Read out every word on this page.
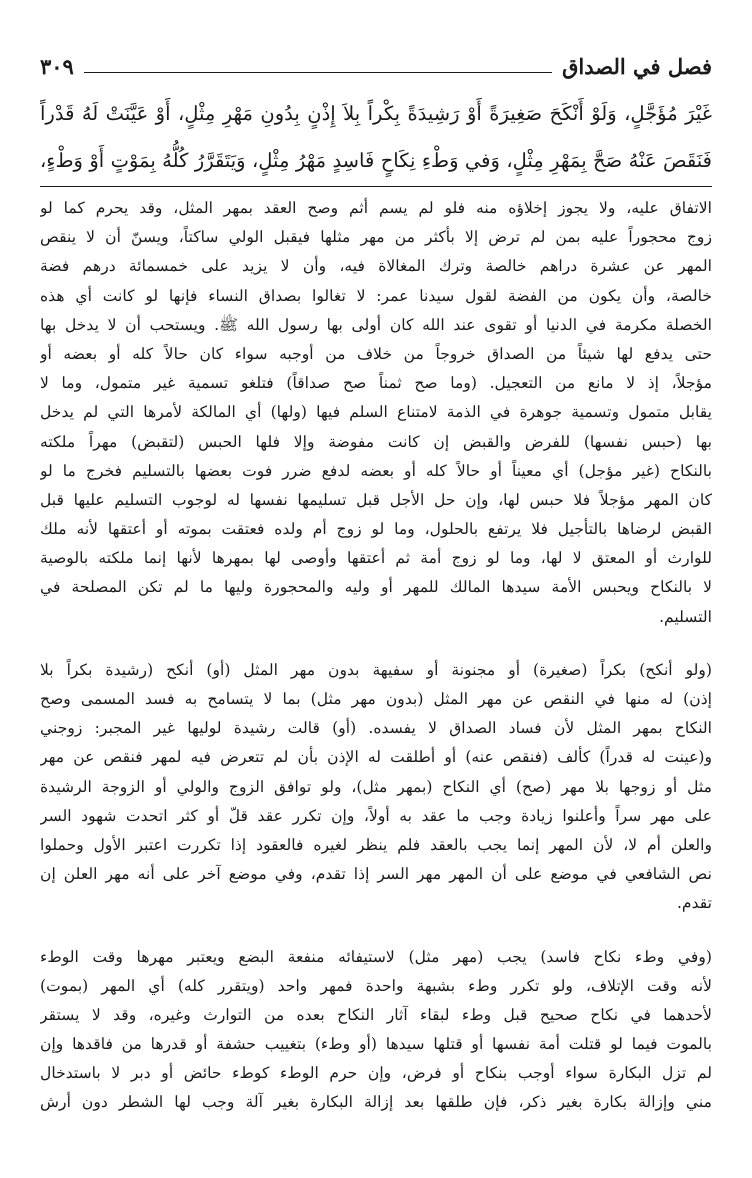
فصل في الصداق
٣٠٩
غَيْرَ مُؤَجَّلٍ، وَلَوْ أَنْكَحَ صَغِيرَةً أَوْ رَشِيدَةً بِكْراً بِلاَ إِذْنٍ بِدُونِ مَهْرِ مِثْلٍ، أَوْ عَيَّنَتْ لَهُ قَدْراً
فَنَقَصَ عَنْهُ صَحَّ بِمَهْرِ مِثْلٍ، وَفي وَطْءِ نِكَاحٍ فَاسِدٍ مَهْرُ مِثْلٍ، وَيَتَقَرَّرُ كُلُّهُ بِمَوْتٍ أَوْ وَطْءٍ،
الاتفاق عليه، ولا يجوز إخلاؤه منه فلو لم يسم أثم وصح العقد بمهر المثل، وقد يحرم كما لو
زوج محجوراً عليه بمن لم ترض إلا بأكثر من مهر مثلها فيقبل الولي ساكتاً، ويسنّ أن لا ينقص
المهر عن عشرة دراهم خالصة وترك المغالاة فيه، وأن لا يزيد على خمسمائة درهم فضة
خالصة، وأن يكون من الفضة لقول سيدنا عمر: لا تغالوا بصداق النساء فإنها لو كانت أي هذه
الخصلة مكرمة في الدنيا أو تقوى عند الله كان أولى بها رسول الله ﷺ. ويستحب أن لا يدخل بها
حتى يدفع لها شيئاً من الصداق خروجاً من خلاف من أوجبه سواء كان حالاً كله أو بعضه أو
مؤجلاً، إذ لا مانع من التعجيل. (وما صح ثمناً صح صداقاً) فتلغو تسمية غير متمول، وما لا
يقابل متمول وتسمية جوهرة في الذمة لامتناع السلم فيها (ولها) أي المالكة لأمرها التي لم يدخل
بها (حبس نفسها) للفرض والقبض إن كانت مفوضة وإلا فلها الحبس (لتقبض) مهراً ملكته
بالنكاح (غير مؤجل) أي معيناً أو حالاً كله أو بعضه لدفع ضرر فوت بعضها بالتسليم فخرج ما لو
كان المهر مؤجلاً فلا حبس لها، وإن حل الأجل قبل تسليمها نفسها له لوجوب التسليم عليها قبل
القبض لرضاها بالتأجيل فلا يرتفع بالحلول، وما لو زوج أم ولده فعتقت بموته أو أعتقها لأنه ملك
للوارث أو المعتق لا لها، وما لو زوج أمة ثم أعتقها وأوصى لها بمهرها لأنها إنما ملكته بالوصية
لا بالنكاح ويحبس الأمة سيدها المالك للمهر أو وليه والمحجورة وليها ما لم تكن المصلحة في
التسليم.
(ولو أنكح) بكراً (صغيرة) أو مجنونة أو سفيهة بدون مهر المثل (أو) أنكح (رشيدة بكراً بلا
إذن) له منها في النقص عن مهر المثل (بدون مهر مثل) بما لا يتسامح به فسد المسمى وصح
النكاح بمهر المثل لأن فساد الصداق لا يفسده. (أو) قالت رشيدة لوليها غير المجبر: زوجني
و(عينت له قدراً) كألف (فنقص عنه) أو أطلقت له الإذن بأن لم تتعرض فيه لمهر فنقص عن مهر
مثل أو زوجها بلا مهر (صح) أي النكاح (بمهر مثل)، ولو توافق الزوج والولي أو الزوجة الرشيدة
على مهر سراً وأعلنوا زيادة وجب ما عقد به أولاً، وإن تكرر عقد قلّ أو كثر اتحدت شهود السر
والعلن أم لا، لأن المهر إنما يجب بالعقد فلم ينظر لغيره فالعقود إذا تكررت اعتبر الأول وحملوا
نص الشافعي في موضع على أن المهر مهر السر إذا تقدم، وفي موضع آخر على أنه مهر العلن إن
تقدم.
(وفي وطء نكاح فاسد) يجب (مهر مثل) لاستيفائه منفعة البضع ويعتبر مهرها وقت الوطء
لأنه وقت الإتلاف، ولو تكرر وطء بشبهة واحدة فمهر واحد (ويتقرر كله) أي المهر (بموت)
لأحدهما في نكاح صحيح قبل وطء لبقاء آثار النكاح بعده من التوارث وغيره، وقد لا يستقر
بالموت فيما لو قتلت أمة نفسها أو قتلها سيدها (أو وطء) بتغييب حشفة أو قدرها من فاقدها وإن
لم تزل البكارة سواء أوجب بنكاح أو فرض، وإن حرم الوطء كوطء حائض أو دبر لا باستدخال
مني وإزالة بكارة بغير ذكر، فإن طلقها بعد إزالة البكارة بغير آلة وجب لها الشطر دون أرش
